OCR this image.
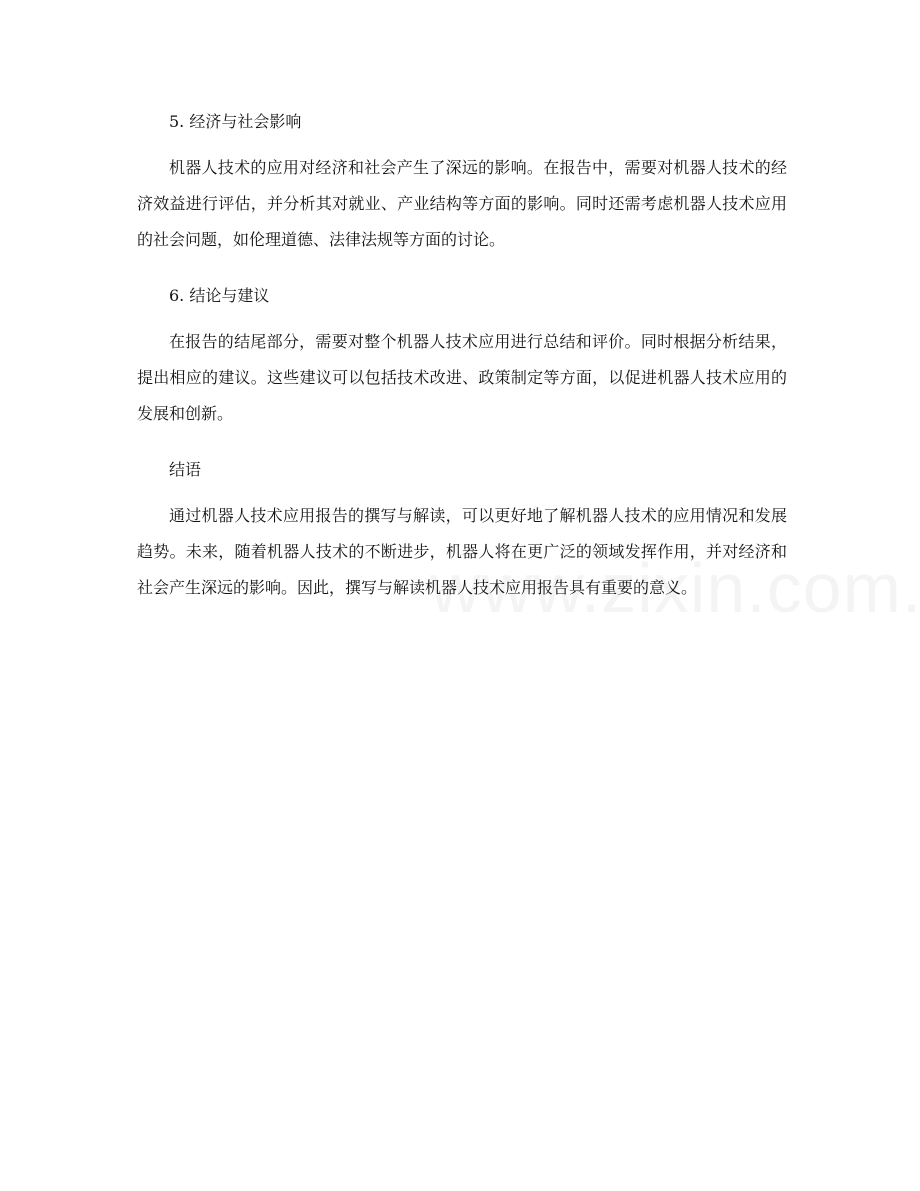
5. 经济与社会影响

机器人技术的应用对经济和社会产生了深远的影响。在报告中，需要对机器人技术的经济效益进行评估，并分析其对就业、产业结构等方面的影响。同时还需考虑机器人技术应用的社会问题，如伦理道德、法律法规等方面的讨论。

6. 结论与建议

在报告的结尾部分，需要对整个机器人技术应用进行总结和评价。同时根据分析结果，提出相应的建议。这些建议可以包括技术改进、政策制定等方面，以促进机器人技术应用的发展和创新。

结语

通过机器人技术应用报告的撰写与解读，可以更好地了解机器人技术的应用情况和发展趋势。未来，随着机器人技术的不断进步，机器人将在更广泛的领域发挥作用，并对经济和社会产生深远的影响。因此，撰写与解读机器人技术应用报告具有重要的意义。
